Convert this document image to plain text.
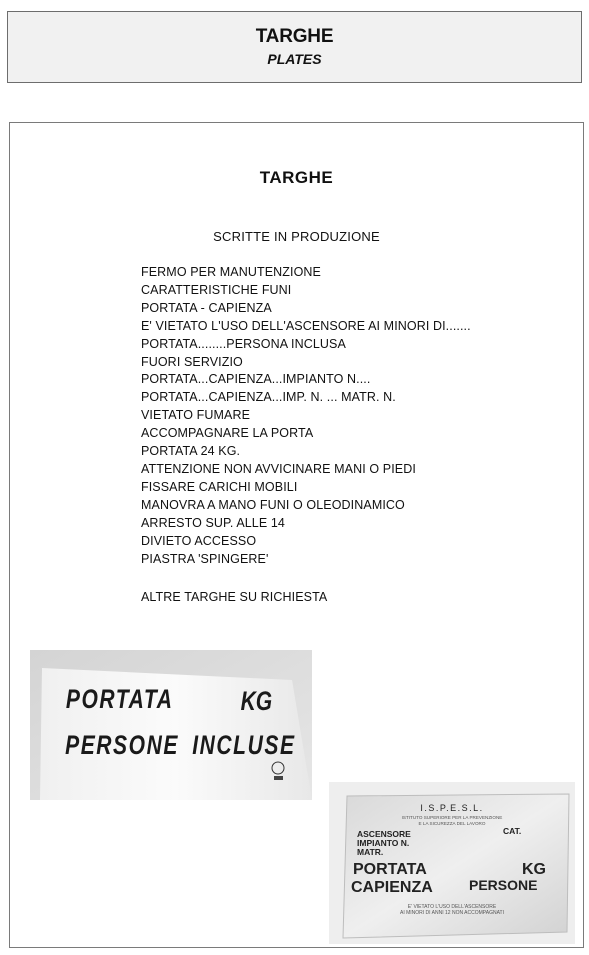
TARGHE
PLATES
TARGHE
SCRITTE IN PRODUZIONE
FERMO PER MANUTENZIONE
CARATTERISTICHE FUNI
PORTATA - CAPIENZA
E' VIETATO L'USO DELL'ASCENSORE AI MINORI DI.......
PORTATA........PERSONA INCLUSA
FUORI SERVIZIO
PORTATA...CAPIENZA...IMPIANTO N....
PORTATA...CAPIENZA...IMP. N. ... MATR. N.
VIETATO FUMARE
ACCOMPAGNARE LA PORTA
PORTATA 24 KG.
ATTENZIONE NON AVVICINARE MANI O PIEDI
FISSARE CARICHI MOBILI
MANOVRA A MANO FUNI O OLEODINAMICO
ARRESTO SUP. ALLE 14
DIVIETO ACCESSO
PIASTRA 'SPINGERE'
ALTRE TARGHE SU RICHIESTA
PORTATA KG
PERSONE INCLUSE
I.S.P.E.S.L.
ISTITUTO SUPERIORE PER LA PREVENZIONE
E LA SICUREZZA DEL LAVORO
ASCENSORE	CAT.
IMPIANTO N.
MATR.
PORTATA	KG
CAPIENZA	PERSONE
E' VIETATO L'USO DELL'ASCENSORE
AI MINORI DI ANNI 12 NON ACCOMPAGNATI
